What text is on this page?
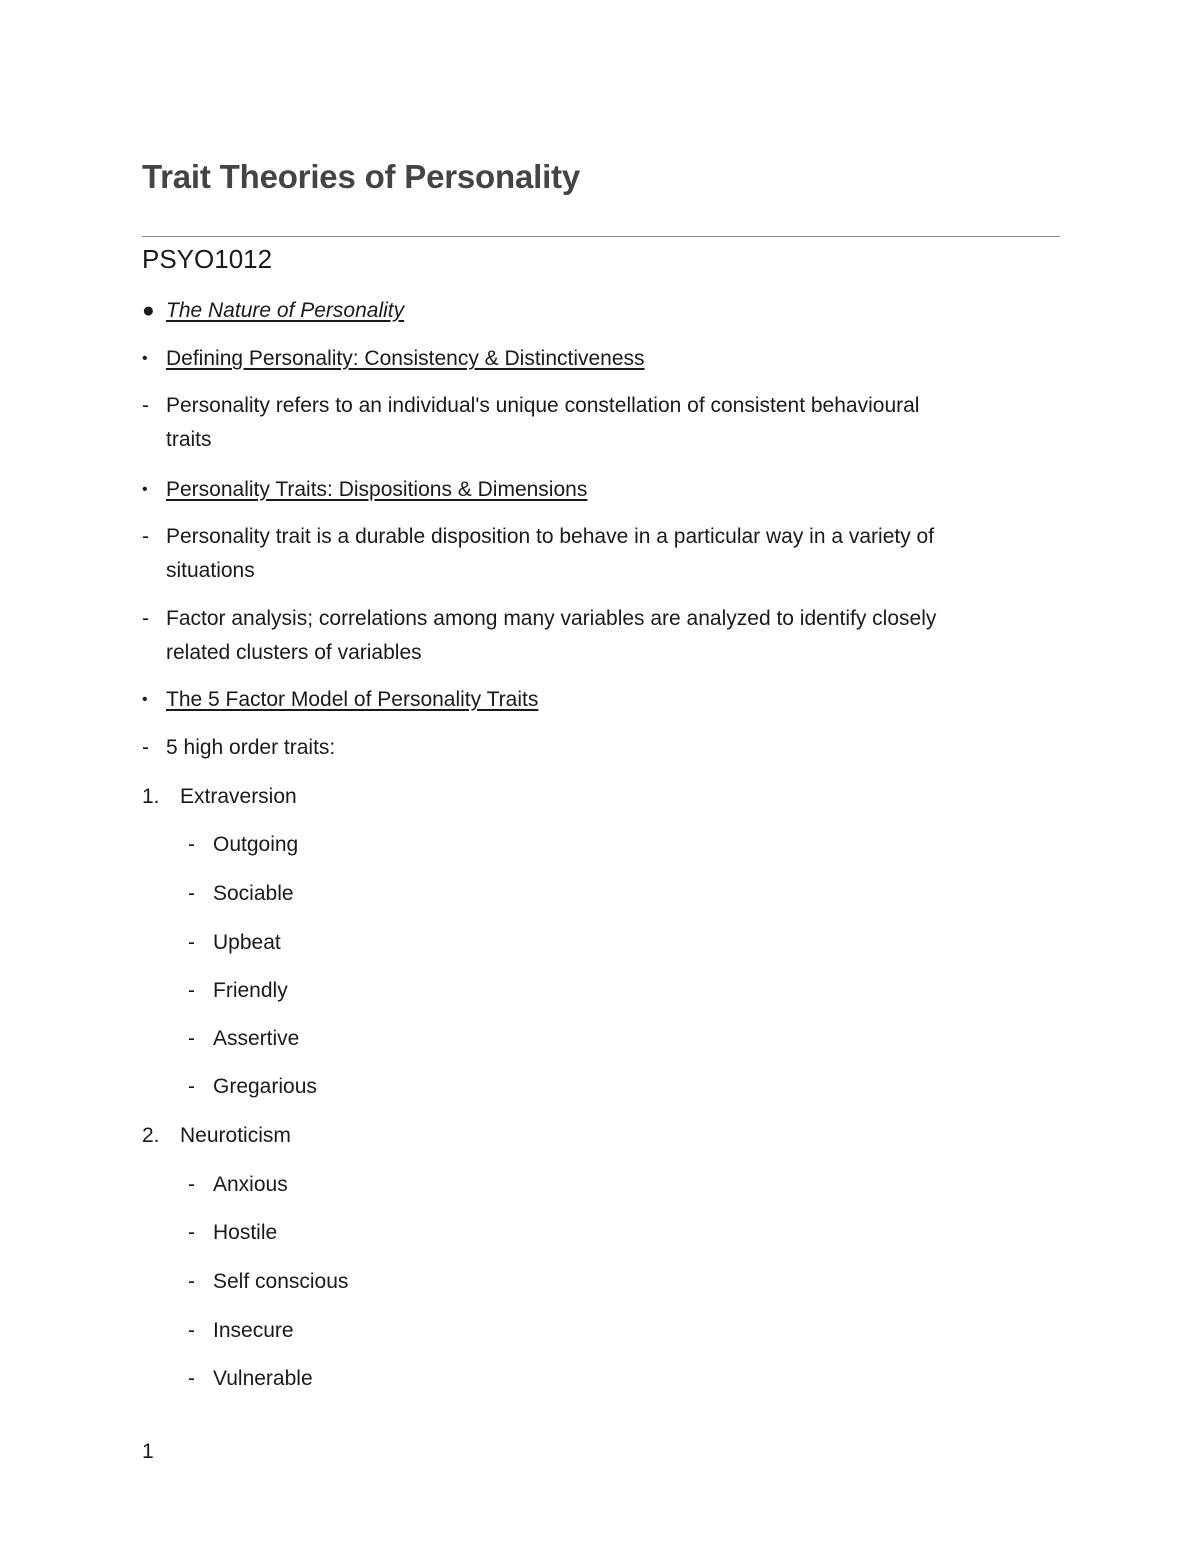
Trait Theories of Personality
PSYO1012
● The Nature of Personality
• Defining Personality: Consistency & Distinctiveness
- Personality refers to an individual's unique constellation of consistent behavioural
traits
• Personality Traits: Dispositions & Dimensions
- Personality trait is a durable disposition to behave in a particular way in a variety of
situations
- Factor analysis; correlations among many variables are analyzed to identify closely
related clusters of variables
• The 5 Factor Model of Personality Traits
- 5 high order traits:
1. Extraversion
- Outgoing
- Sociable
- Upbeat
- Friendly
- Assertive
- Gregarious
2. Neuroticism
- Anxious
- Hostile
- Self conscious
- Insecure
- Vulnerable
1
